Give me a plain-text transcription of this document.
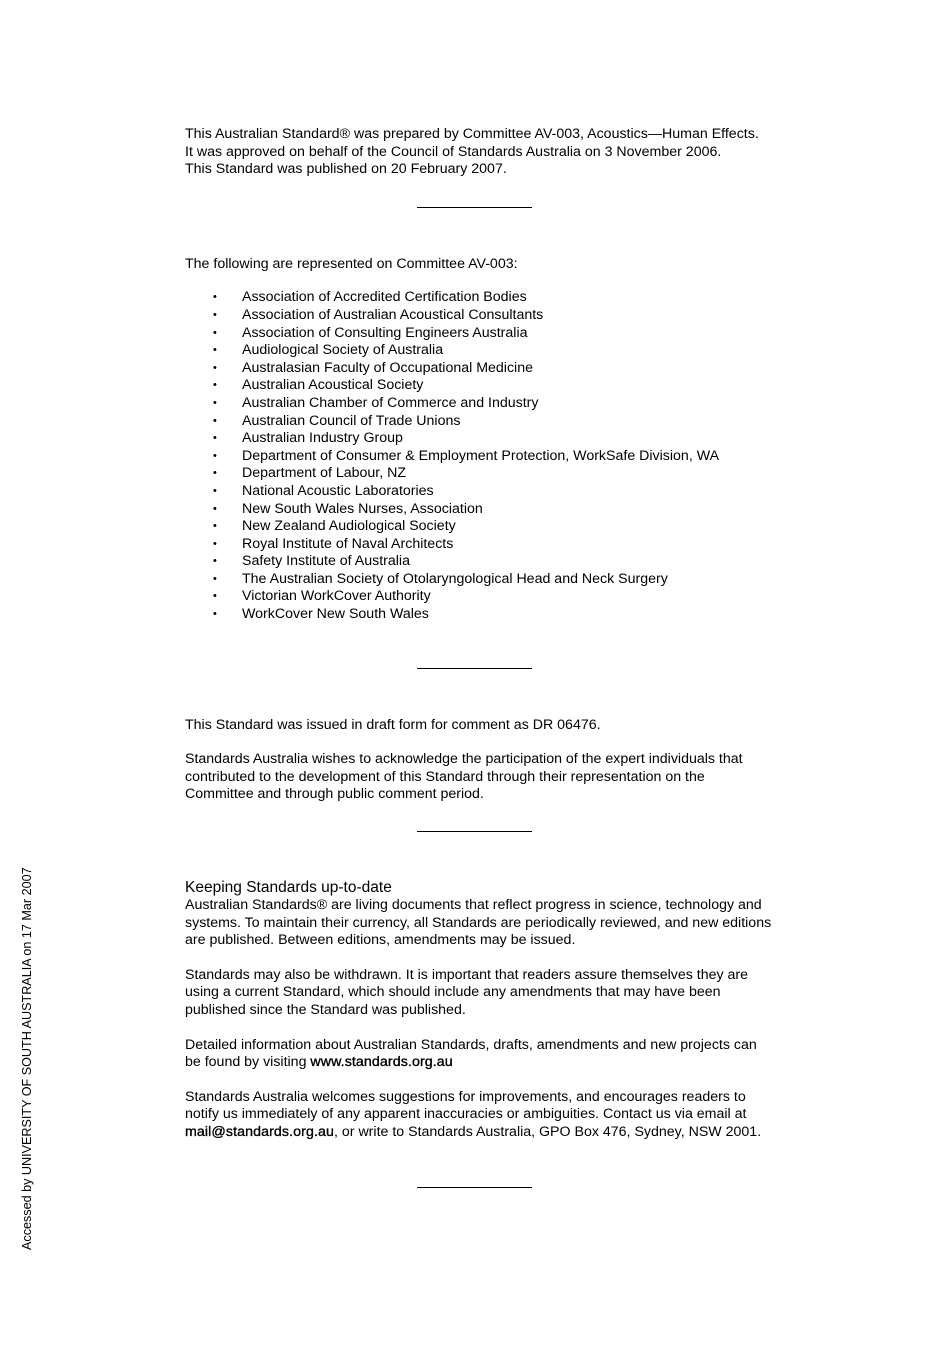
This Australian Standard® was prepared by Committee AV-003, Acoustics—Human Effects.
It was approved on behalf of the Council of Standards Australia on 3 November 2006.
This Standard was published on 20 February 2007.
The following are represented on Committee AV-003:
• Association of Accredited Certification Bodies
• Association of Australian Acoustical Consultants
• Association of Consulting Engineers Australia
• Audiological Society of Australia
• Australasian Faculty of Occupational Medicine
• Australian Acoustical Society
• Australian Chamber of Commerce and Industry
• Australian Council of Trade Unions
• Australian Industry Group
• Department of Consumer & Employment Protection, WorkSafe Division, WA
• Department of Labour, NZ
• National Acoustic Laboratories
• New South Wales Nurses, Association
• New Zealand Audiological Society
• Royal Institute of Naval Architects
• Safety Institute of Australia
• The Australian Society of Otolaryngological Head and Neck Surgery
• Victorian WorkCover Authority
• WorkCover New South Wales
This Standard was issued in draft form for comment as DR 06476.
Standards Australia wishes to acknowledge the participation of the expert individuals that
contributed to the development of this Standard through their representation on the
Committee and through public comment period.
Keeping Standards up-to-date
Australian Standards® are living documents that reflect progress in science, technology and
systems. To maintain their currency, all Standards are periodically reviewed, and new editions
are published. Between editions, amendments may be issued.
Standards may also be withdrawn. It is important that readers assure themselves they are
using a current Standard, which should include any amendments that may have been
published since the Standard was published.
Detailed information about Australian Standards, drafts, amendments and new projects can
be found by visiting www.standards.org.au
Standards Australia welcomes suggestions for improvements, and encourages readers to
notify us immediately of any apparent inaccuracies or ambiguities. Contact us via email at
mail@standards.org.au, or write to Standards Australia, GPO Box 476, Sydney, NSW 2001.
Accessed by UNIVERSITY OF SOUTH AUSTRALIA on 17 Mar 2007
